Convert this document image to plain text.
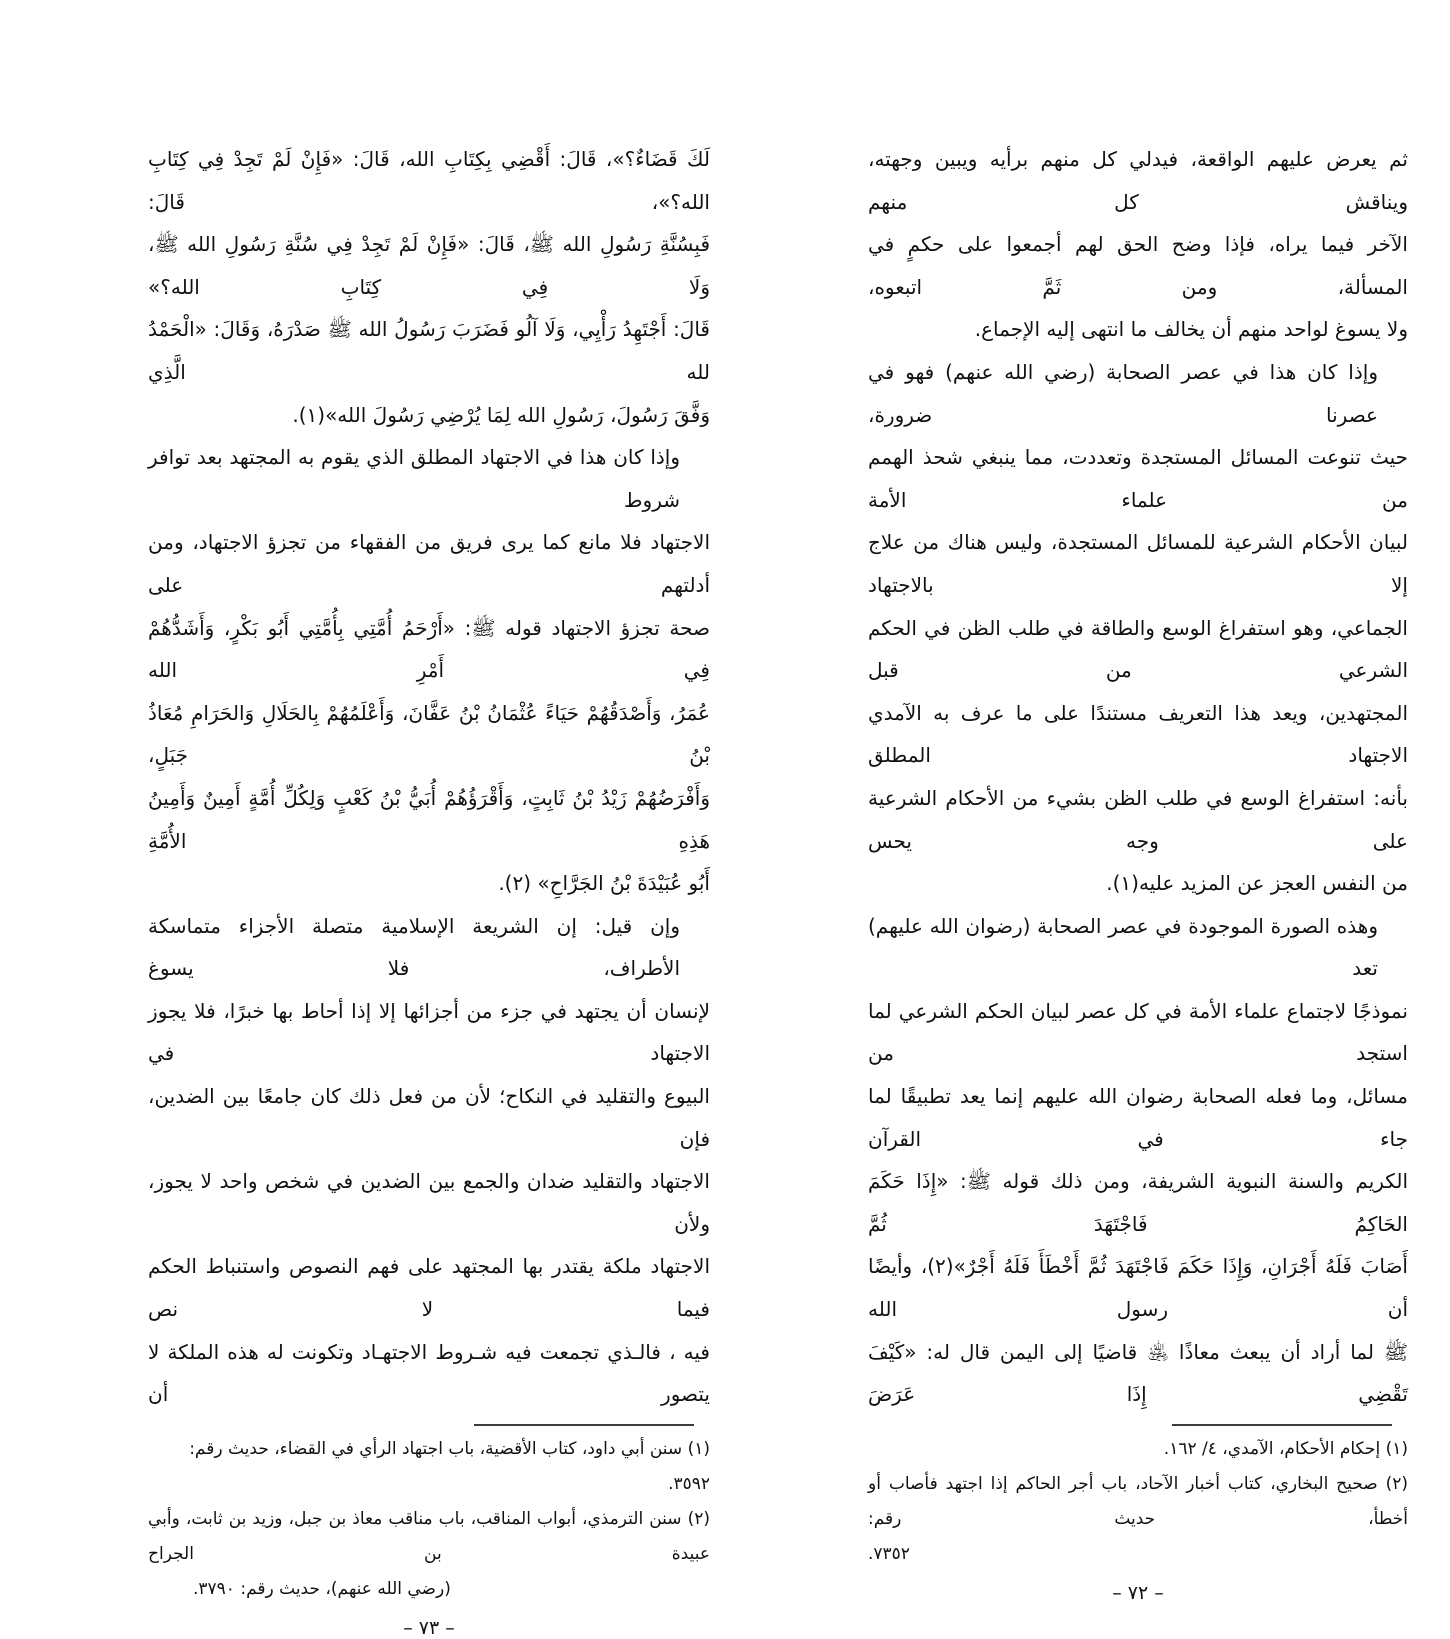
ثم يعرض عليهم الواقعة، فيدلي كل منهم برأيه ويبين وجهته، ويناقش كل منهم
الآخر فيما يراه، فإذا وضح الحق لهم أجمعوا على حكمٍ في المسألة، ومن ثَمَّ اتبعوه،
ولا يسوغ لواحد منهم أن يخالف ما انتهى إليه الإجماع.
وإذا كان هذا في عصر الصحابة (رضي الله عنهم) فهو في عصرنا ضرورة،
حيث تنوعت المسائل المستجدة وتعددت، مما ينبغي شحذ الهمم من علماء الأمة
لبيان الأحكام الشرعية للمسائل المستجدة، وليس هناك من علاج إلا بالاجتهاد
الجماعي، وهو استفراغ الوسع والطاقة في طلب الظن في الحكم الشرعي من قبل
المجتهدين، ويعد هذا التعريف مستندًا على ما عرف به الآمدي الاجتهاد المطلق
بأنه: استفراغ الوسع في طلب الظن بشيء من الأحكام الشرعية على وجه يحس
من النفس العجز عن المزيد عليه(١).
وهذه الصورة الموجودة في عصر الصحابة (رضوان الله عليهم) تعد
نموذجًا لاجتماع علماء الأمة في كل عصر لبيان الحكم الشرعي لما استجد من
مسائل، وما فعله الصحابة رضوان الله عليهم إنما يعد تطبيقًا لما جاء في القرآن
الكريم والسنة النبوية الشريفة، ومن ذلك قوله ﷺ: «إِذَا حَكَمَ الحَاكِمُ فَاجْتَهَدَ ثُمَّ
أَصَابَ فَلَهُ أَجْرَانِ، وَإِذَا حَكَمَ فَاجْتَهَدَ ثُمَّ أَخْطَأَ فَلَهُ أَجْرٌ»(٢)، وأيضًا أن رسول الله
ﷺ لما أراد أن يبعث معاذًا ﵁ قاضيًا إلى اليمن قال له: «كَيْفَ تَقْضِي إِذَا عَرَضَ
(١) إحكام الأحكام، الآمدي، ٤/ ١٦٢.
(٢) صحيح البخاري، كتاب أخبار الآحاد، باب أجر الحاكم إذا اجتهد فأصاب أو أخطأ، حديث رقم:
٧٣٥٢.
– ٧٢ –
لَكَ قَضَاءٌ؟»، قَالَ: أَقْضِي بِكِتَابِ الله، قَالَ: «فَإِنْ لَمْ تَجِدْ فِي كِتَابِ الله؟»، قَالَ:
فَبِسُنَّةِ رَسُولِ الله ﷺ، قَالَ: «فَإِنْ لَمْ تَجِدْ فِي سُنَّةِ رَسُولِ الله ﷺ، وَلَا فِي كِتَابِ الله؟»
قَالَ: أَجْتَهِدُ رَأْيِي، وَلَا آلُو فَضَرَبَ رَسُولُ الله ﷺ صَدْرَهُ، وَقَالَ: «الْحَمْدُ لله الَّذِي
وَفَّقَ رَسُولَ، رَسُولِ الله لِمَا يُرْضِي رَسُولَ الله»(١).
وإذا كان هذا في الاجتهاد المطلق الذي يقوم به المجتهد بعد توافر شروط
الاجتهاد فلا مانع كما يرى فريق من الفقهاء من تجزؤ الاجتهاد، ومن أدلتهم على
صحة تجزؤ الاجتهاد قوله ﷺ: «أَرْحَمُ أُمَّتِي بِأُمَّتِي أَبُو بَكْرٍ، وَأَشَدُّهُمْ فِي أَمْرِ الله
عُمَرُ، وَأَصْدَقُهُمْ حَيَاءً عُثْمَانُ بْنُ عَفَّانَ، وَأَعْلَمُهُمْ بِالحَلَالِ وَالحَرَامِ مُعَاذُ بْنُ جَبَلٍ،
وَأَفْرَضُهُمْ زَيْدُ بْنُ ثَابِتٍ، وَأَقْرَؤُهُمْ أُبَيُّ بْنُ كَعْبٍ وَلِكُلِّ أُمَّةٍ أَمِينٌ وَأَمِينُ هَذِهِ الأُمَّةِ
أَبُو عُبَيْدَةَ بْنُ الجَرَّاحِ» (٢).
وإن قيل: إن الشريعة الإسلامية متصلة الأجزاء متماسكة الأطراف، فلا يسوغ
لإنسان أن يجتهد في جزء من أجزائها إلا إذا أحاط بها خبرًا، فلا يجوز الاجتهاد في
البيوع والتقليد في النكاح؛ لأن من فعل ذلك كان جامعًا بين الضدين، فإن
الاجتهاد والتقليد ضدان والجمع بين الضدين في شخص واحد لا يجوز، ولأن
الاجتهاد ملكة يقتدر بها المجتهد على فهم النصوص واستنباط الحكم فيما لا نص
فيه ، فالـذي تجمعت فيه شـروط الاجتهـاد وتكونت له هذه الملكة لا يتصور أن
(١) سنن أبي داود، كتاب الأقضية، باب اجتهاد الرأي في القضاء، حديث رقم: ٣٥٩٢.
(٢) سنن الترمذي، أبواب المناقب، باب مناقب معاذ بن جبل، وزيد بن ثابت، وأبي عبيدة بن الجراح
(رضي الله عنهم)، حديث رقم: ٣٧٩٠.
– ٧٣ –
